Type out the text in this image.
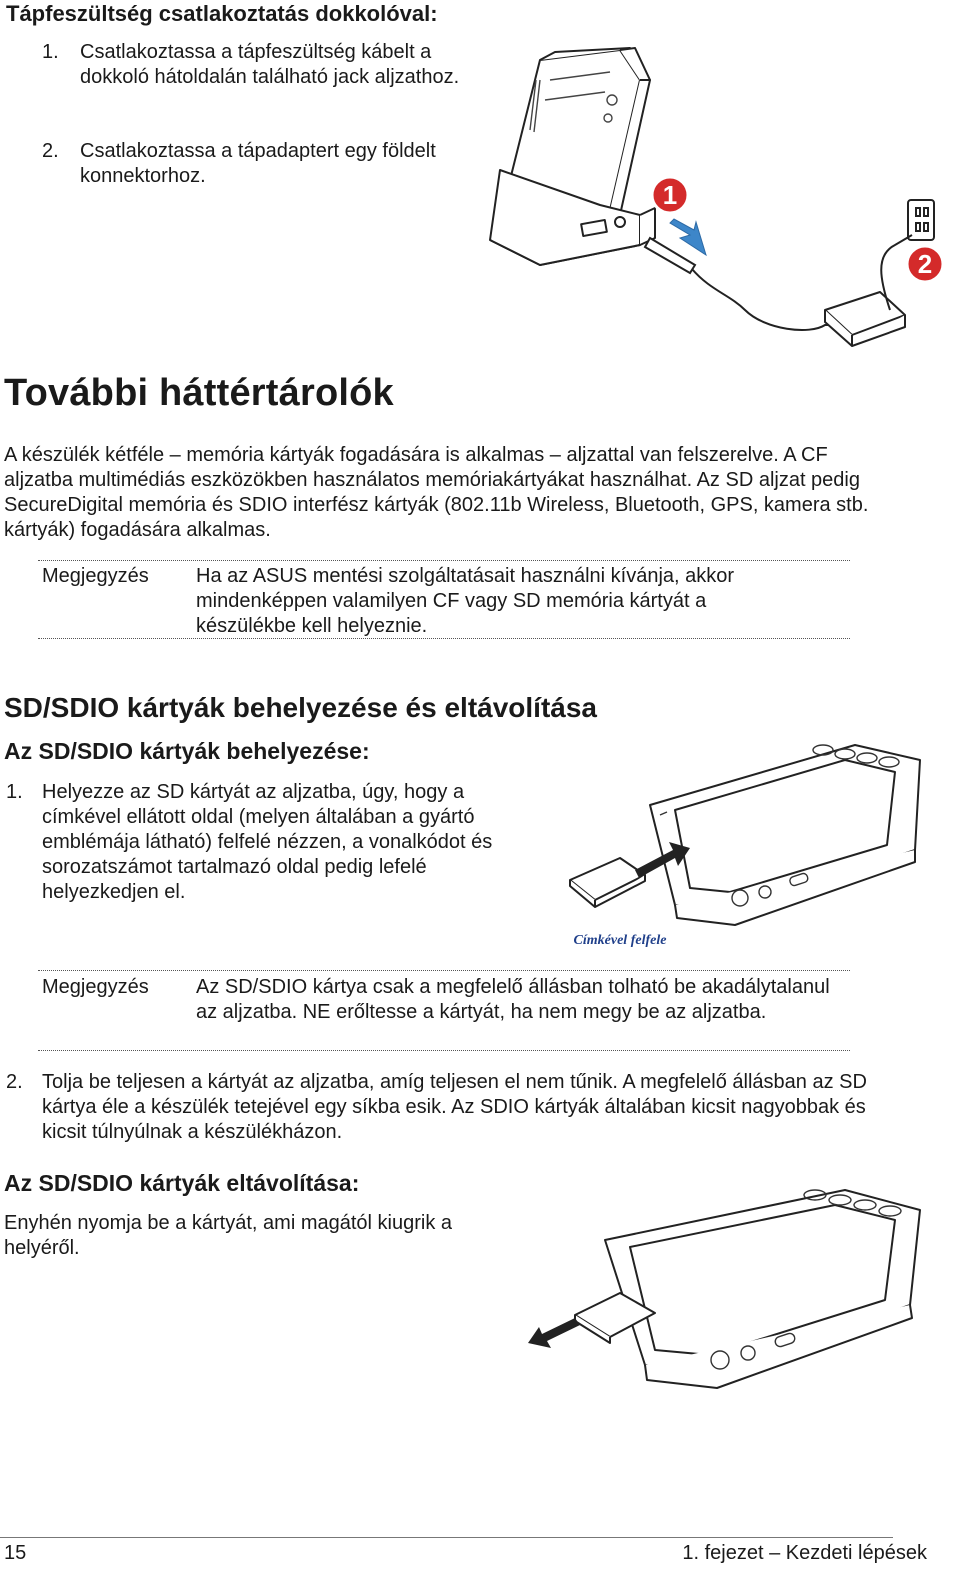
Tápfeszültség csatlakoztatás dokkolóval:
1. Csatlakoztassa a tápfeszültség kábelt a dokkoló hátoldalán található jack aljzathoz.
2. Csatlakoztassa a tápadaptert egy földelt konnektorhoz.
1
2
További háttértárolók
A készülék kétféle – memória kártyák fogadására is alkalmas – aljzattal van felszerelve. A CF aljzatba multimédiás eszközökben használatos memóriakártyákat használhat. Az SD aljzat pedig SecureDigital memória és SDIO interfész kártyák (802.11b Wireless, Bluetooth, GPS, kamera stb. kártyák) fogadására alkalmas.
Megjegyzés Ha az ASUS mentési szolgáltatásait használni kívánja, akkor mindenképpen valamilyen CF vagy SD memória kártyát a készülékbe kell helyeznie.
SD/SDIO kártyák behelyezése és eltávolítása
Az SD/SDIO kártyák behelyezése:
1. Helyezze az SD kártyát az aljzatba, úgy, hogy a címkével ellátott oldal (melyen általában a gyártó emblémája látható) felfelé nézzen, a vonalkódot és sorozatszámot tartalmazó oldal pedig lefelé helyezkedjen el.
Címkével felfele
Megjegyzés Az SD/SDIO kártya csak a megfelelő állásban tolható be akadálytalanul az aljzatba. NE erőltesse a kártyát, ha nem megy be az aljzatba.
2. Tolja be teljesen a kártyát az aljzatba, amíg teljesen el nem tűnik. A megfelelő állásban az SD kártya éle a készülék tetejével egy síkba esik. Az SDIO kártyák általában kicsit nagyobbak és kicsit túlnyúlnak a készülékházon.
Az SD/SDIO kártyák eltávolítása:
Enyhén nyomja be a kártyát, ami magától kiugrik a helyéről.
15	1. fejezet – Kezdeti lépések
